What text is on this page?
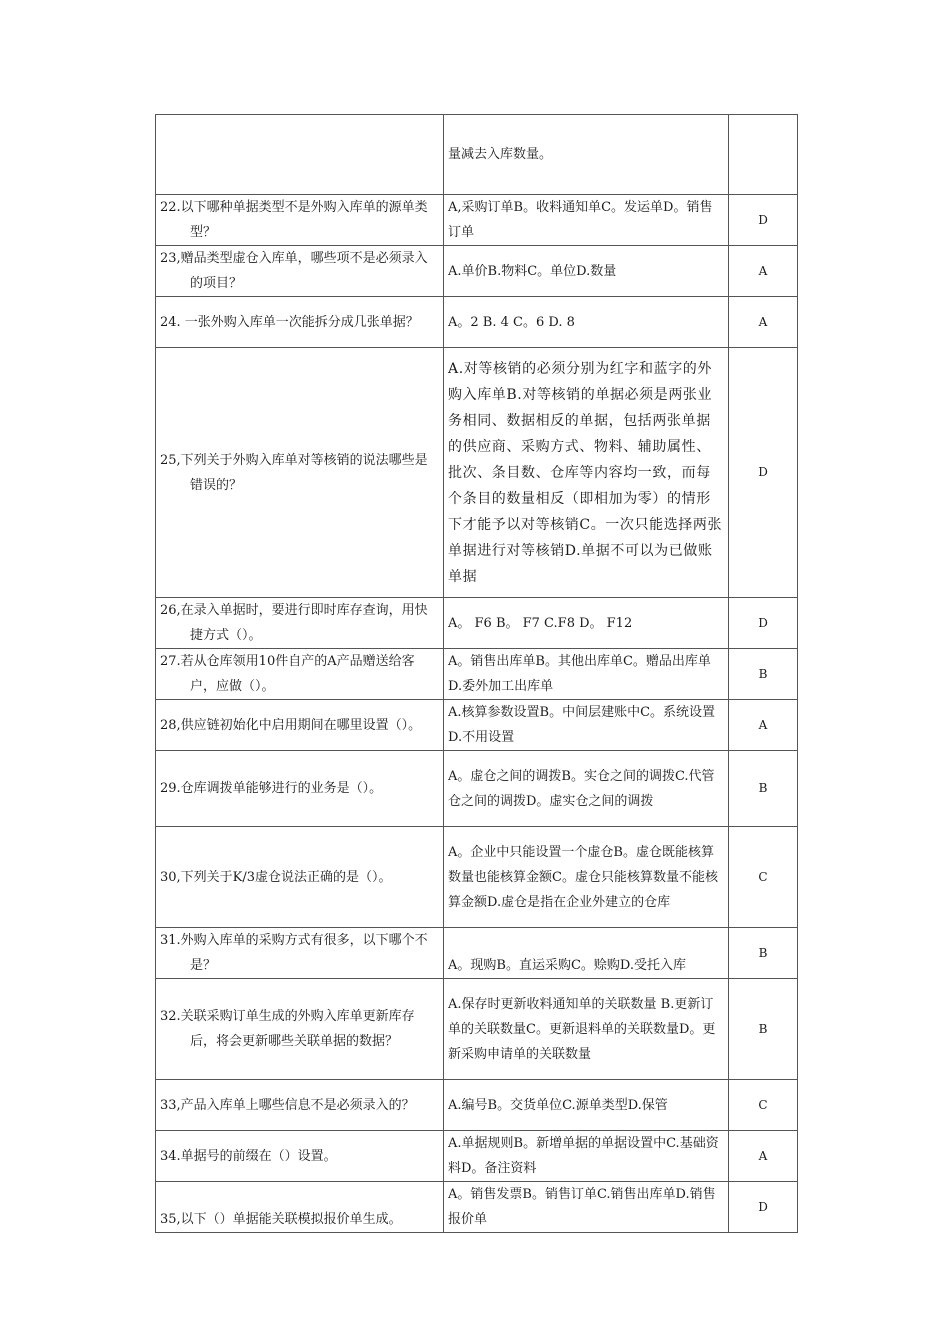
	量减去入库数量。	

22.以下哪种单据类型不是外购入库单的源单类型？	A,采购订单B。收料通知单C。发运单D。销售订单	D

23,赠品类型虚仓入库单，哪些项不是必须录入的项目？	A.单价B.物料C。单位D.数量	A

24. 一张外购入库单一次能拆分成几张单据？	A。2 B. 4 C。6 D. 8	A

25,下列关于外购入库单对等核销的说法哪些是错误的？	A.对等核销的必须分别为红字和蓝字的外购入库单B.对等核销的单据必须是两张业务相同、数据相反的单据，包括两张单据的供应商、采购方式、物料、辅助属性、批次、条目数、仓库等内容均一致，而每个条目的数量相反（即相加为零）的情形下才能予以对等核销C。一次只能选择两张单据进行对等核销D.单据不可以为已做账单据	D

26,在录入单据时，要进行即时库存查询，用快捷方式（）。	A。 F6 B。 F7 C.F8 D。 F12	D

27.若从仓库领用10件自产的A产品赠送给客户，应做（）。	A。销售出库单B。其他出库单C。赠品出库单D.委外加工出库单	B

28,供应链初始化中启用期间在哪里设置（）。	A.核算参数设置B。中间层建账中C。系统设置D.不用设置	A

29.仓库调拨单能够进行的业务是（）。	A。虚仓之间的调拨B。实仓之间的调拨C.代管仓之间的调拨D。虚实仓之间的调拨	B

30,下列关于K/3虚仓说法正确的是（）。	A。企业中只能设置一个虚仓B。虚仓既能核算数量也能核算金额C。虚仓只能核算数量不能核算金额D.虚仓是指在企业外建立的仓库	C

31.外购入库单的采购方式有很多，以下哪个不是？	A。现购B。直运采购C。赊购D.受托入库	B

32.关联采购订单生成的外购入库单更新库存后，将会更新哪些关联单据的数据？	A.保存时更新收料通知单的关联数量 B.更新订单的关联数量C。更新退料单的关联数量D。更新采购申请单的关联数量	B

33,产品入库单上哪些信息不是必须录入的？	A.编号B。交货单位C.源单类型D.保管	C

34.单据号的前缀在（）设置。	A.单据规则B。新增单据的单据设置中C.基础资料D。备注资料	A

35,以下（）单据能关联模拟报价单生成。	A。销售发票B。销售订单C.销售出库单D.销售报价单	D
